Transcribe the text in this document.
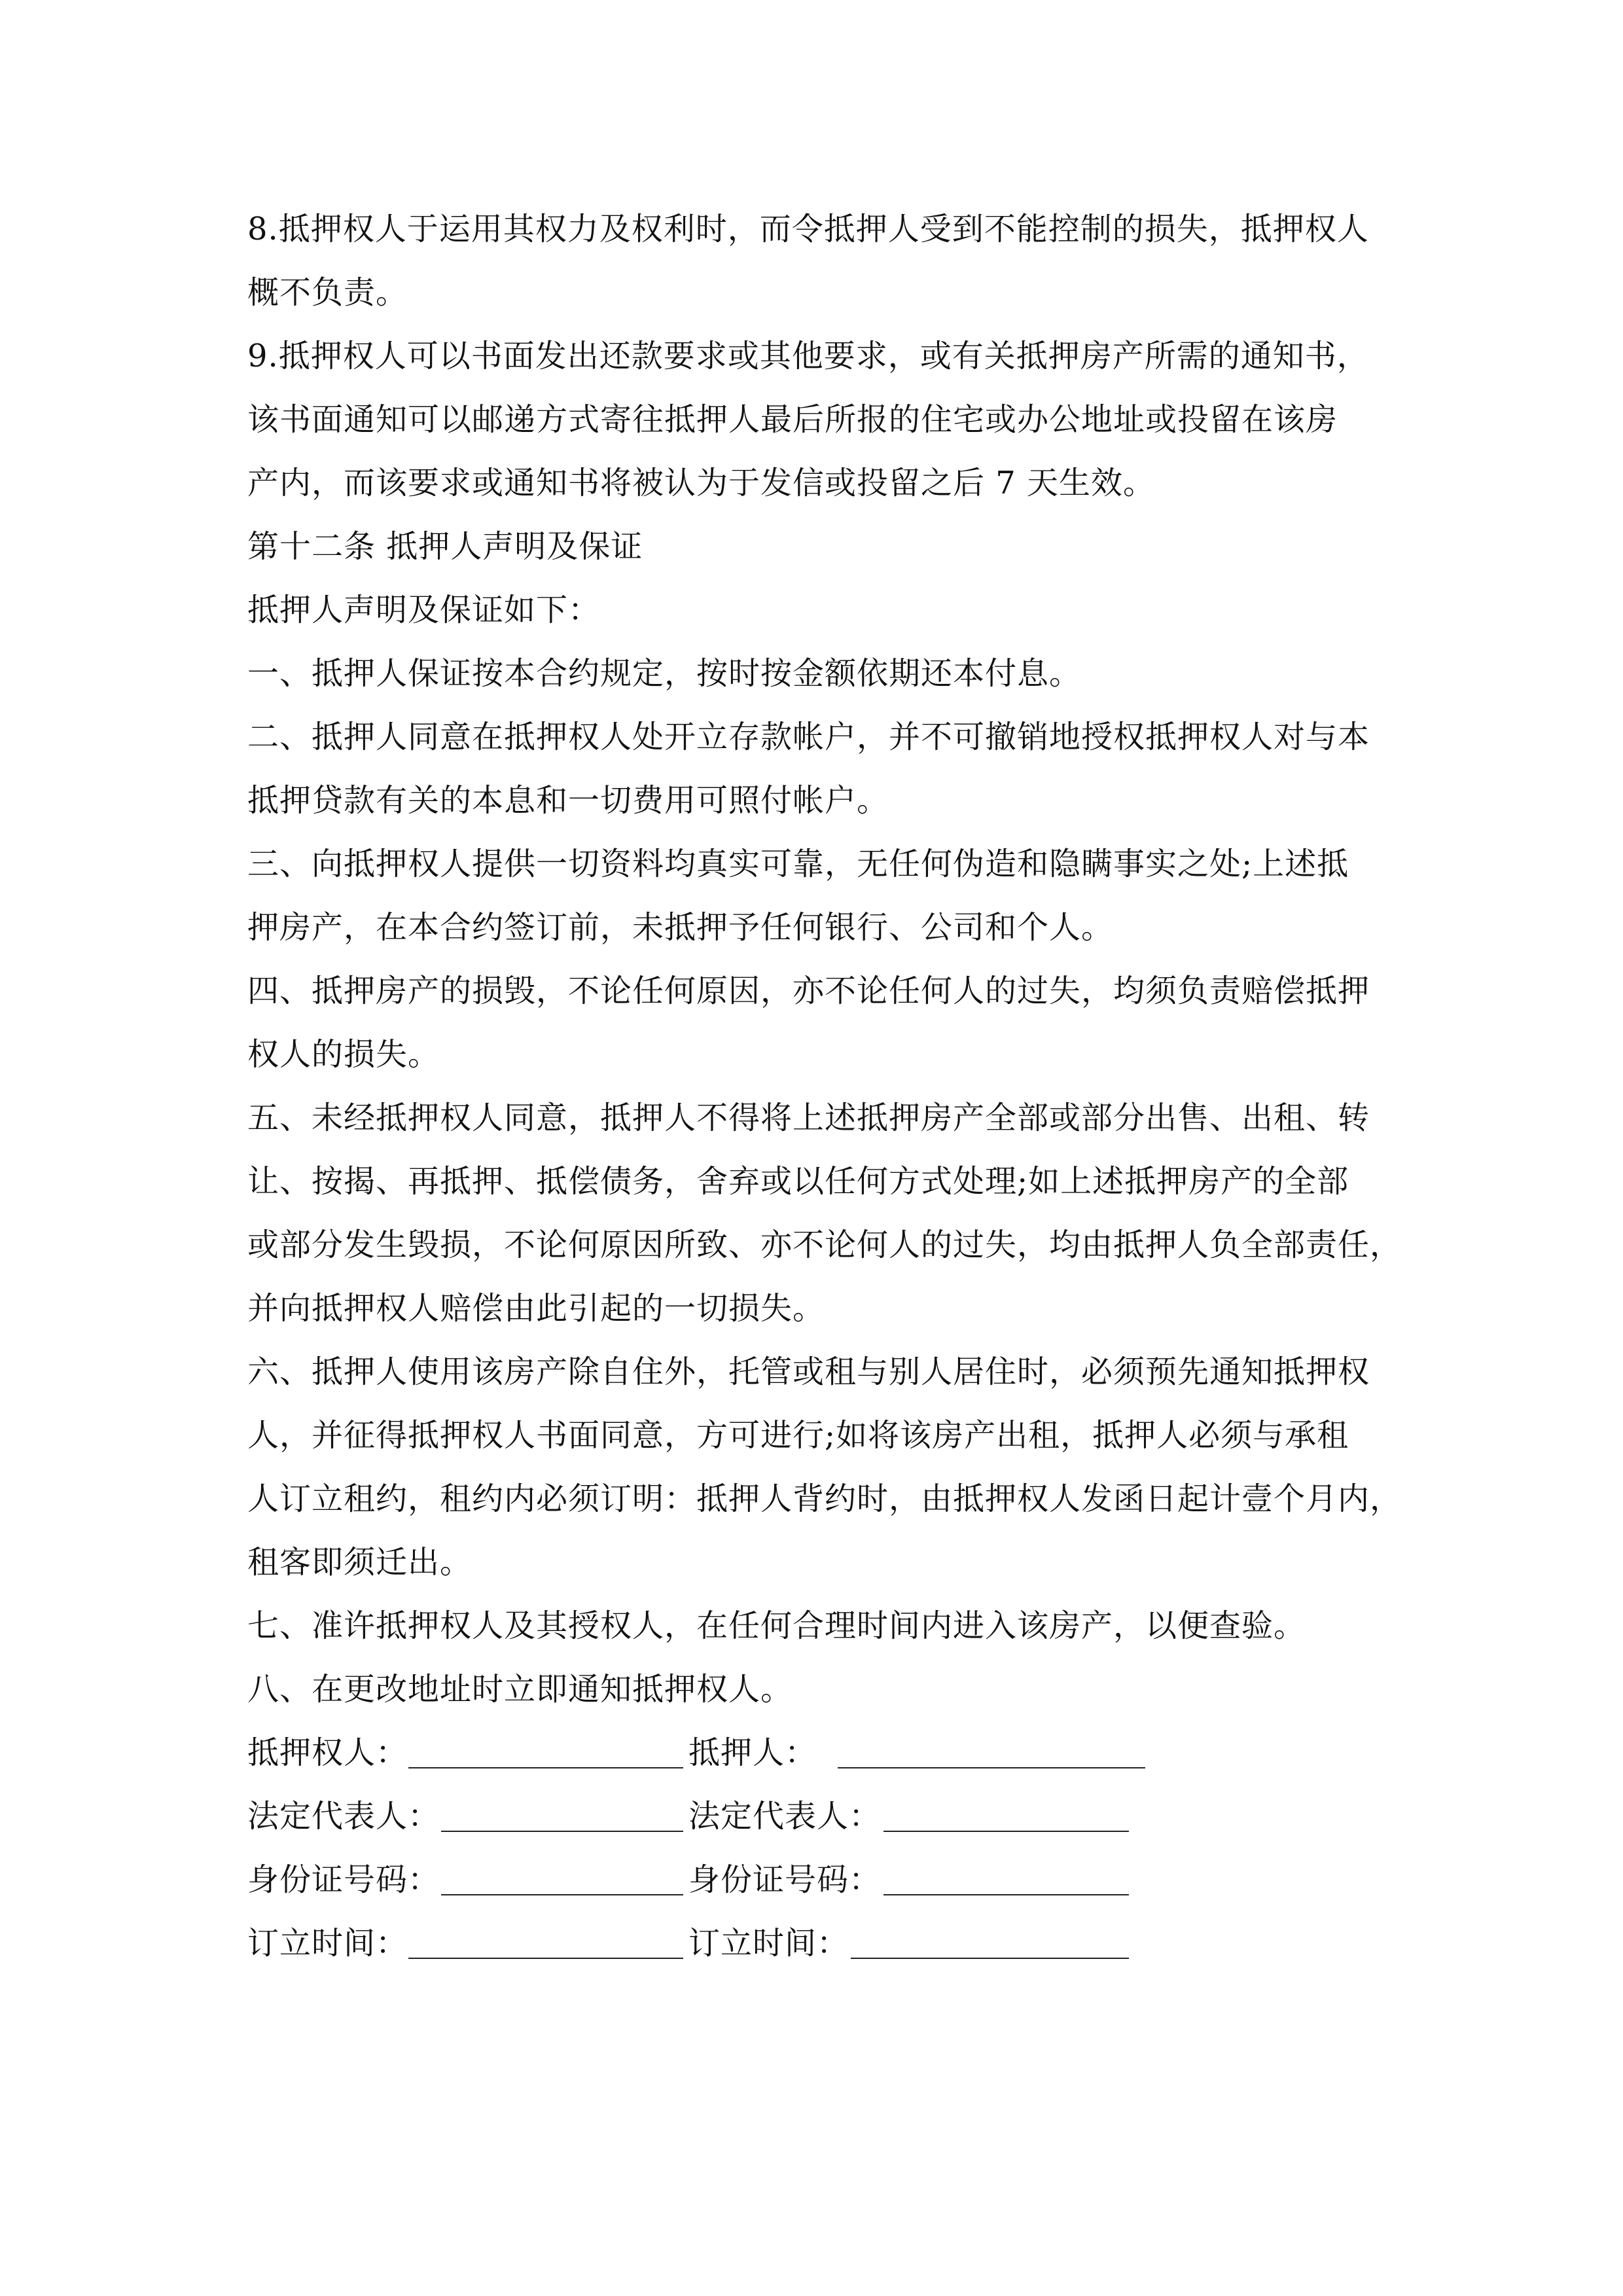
8.抵押权人于运用其权力及权利时，而令抵押人受到不能控制的损失，抵押权人
概不负责。
9.抵押权人可以书面发出还款要求或其他要求，或有关抵押房产所需的通知书，
该书面通知可以邮递方式寄往抵押人最后所报的住宅或办公地址或投留在该房
产内，而该要求或通知书将被认为于发信或投留之后 7 天生效。
第十二条 抵押人声明及保证
抵押人声明及保证如下：
一、抵押人保证按本合约规定，按时按金额依期还本付息。
二、抵押人同意在抵押权人处开立存款帐户，并不可撤销地授权抵押权人对与本
抵押贷款有关的本息和一切费用可照付帐户。
三、向抵押权人提供一切资料均真实可靠，无任何伪造和隐瞒事实之处;上述抵
押房产，在本合约签订前，未抵押予任何银行、公司和个人。
四、抵押房产的损毁，不论任何原因，亦不论任何人的过失，均须负责赔偿抵押
权人的损失。
五、未经抵押权人同意，抵押人不得将上述抵押房产全部或部分出售、出租、转
让、按揭、再抵押、抵偿债务，舍弃或以任何方式处理;如上述抵押房产的全部
或部分发生毁损，不论何原因所致、亦不论何人的过失，均由抵押人负全部责任，
并向抵押权人赔偿由此引起的一切损失。
六、抵押人使用该房产除自住外，托管或租与别人居住时，必须预先通知抵押权
人，并征得抵押权人书面同意，方可进行;如将该房产出租，抵押人必须与承租
人订立租约，租约内必须订明：抵押人背约时，由抵押权人发函日起计壹个月内，
租客即须迁出。
七、准许抵押权人及其授权人，在任何合理时间内进入该房产，以便查验。
八、在更改地址时立即通知抵押权人。
抵押权人：	抵押人：
法定代表人：	法定代表人：
身份证号码：	身份证号码：
订立时间：	订立时间：
